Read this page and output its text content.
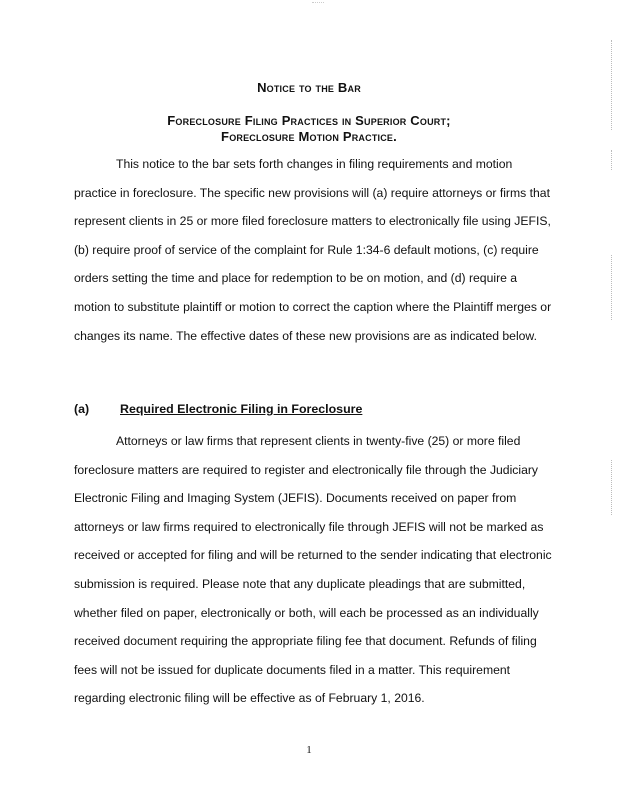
Notice to the Bar
Foreclosure Filing Practices in Superior Court;
Foreclosure Motion Practice.
This notice to the bar sets forth changes in filing requirements and motion practice in foreclosure. The specific new provisions will (a) require attorneys or firms that represent clients in 25 or more filed foreclosure matters to electronically file using JEFIS, (b) require proof of service of the complaint for Rule 1:34-6 default motions, (c) require orders setting the time and place for redemption to be on motion, and (d) require a motion to substitute plaintiff or motion to correct the caption where the Plaintiff merges or changes its name. The effective dates of these new provisions are as indicated below.
(a) Required Electronic Filing in Foreclosure
Attorneys or law firms that represent clients in twenty-five (25) or more filed foreclosure matters are required to register and electronically file through the Judiciary Electronic Filing and Imaging System (JEFIS). Documents received on paper from attorneys or law firms required to electronically file through JEFIS will not be marked as received or accepted for filing and will be returned to the sender indicating that electronic submission is required. Please note that any duplicate pleadings that are submitted, whether filed on paper, electronically or both, will each be processed as an individually received document requiring the appropriate filing fee that document. Refunds of filing fees will not be issued for duplicate documents filed in a matter. This requirement regarding electronic filing will be effective as of February 1, 2016.
1
